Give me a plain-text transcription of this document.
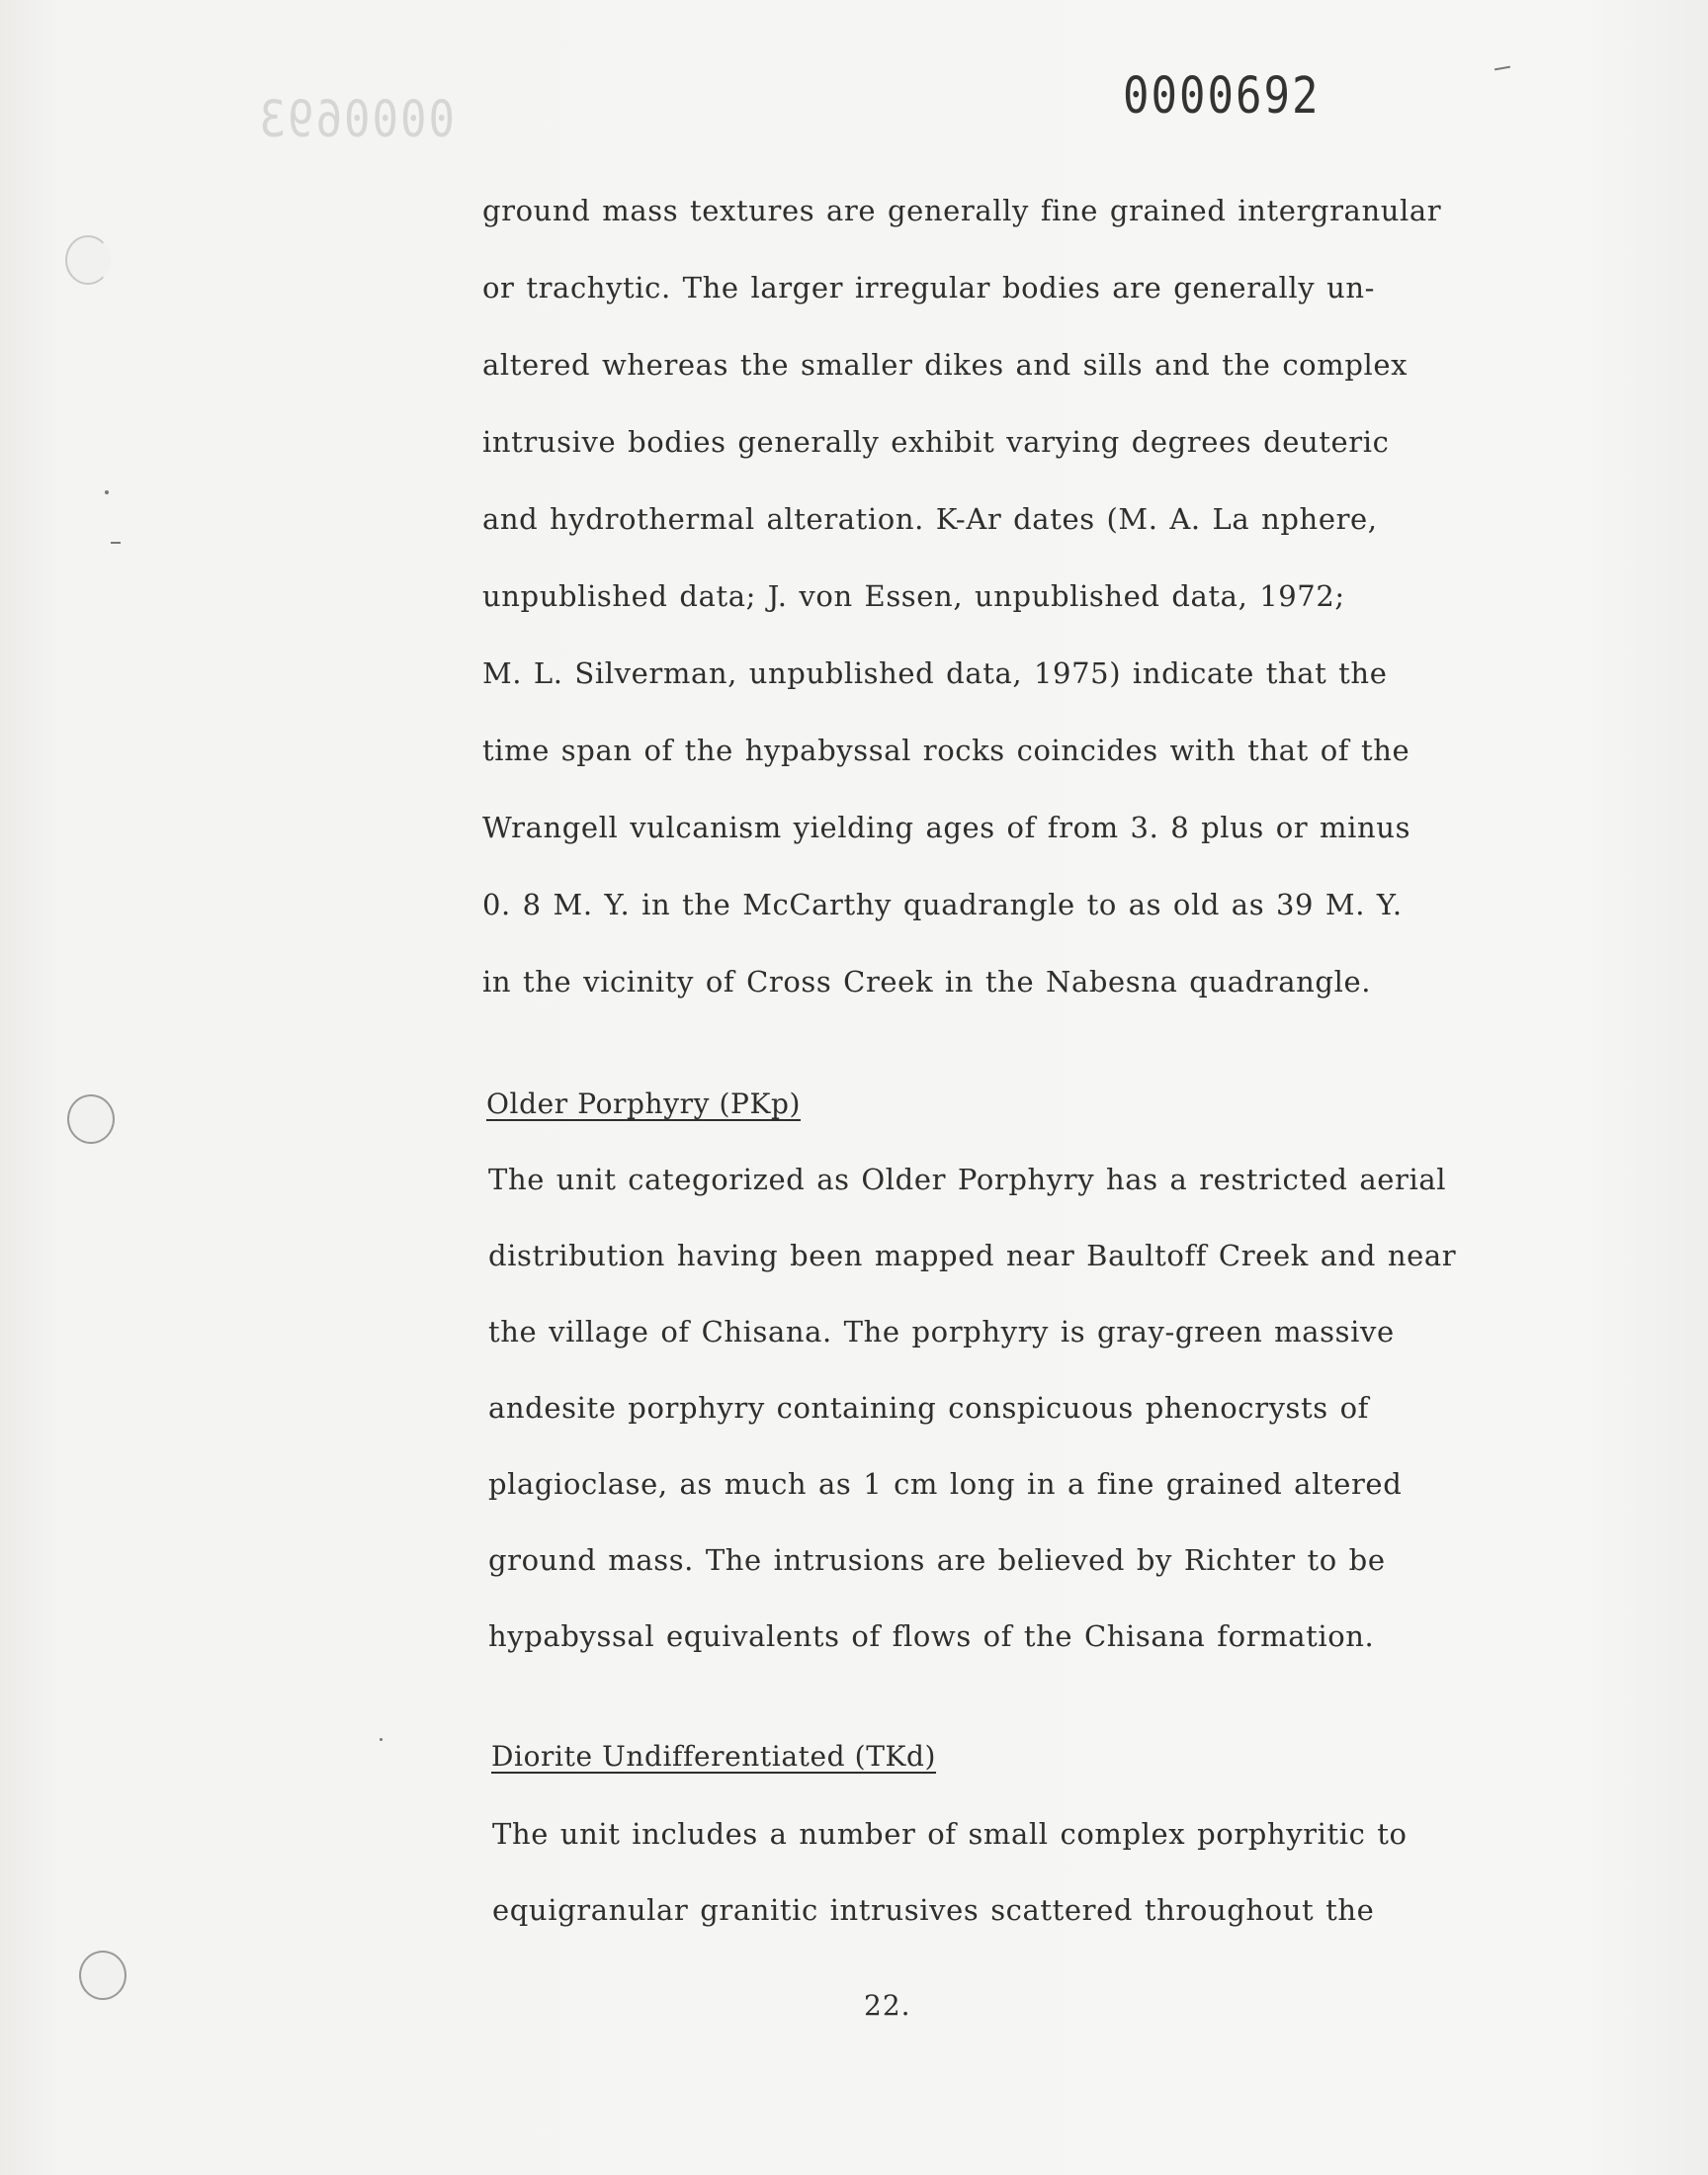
0000693	0000692
ground mass textures are generally fine grained intergranular
or trachytic. The larger irregular bodies are generally un-
altered whereas the smaller dikes and sills and the complex
intrusive bodies generally exhibit varying degrees deuteric
and hydrothermal alteration. K-Ar dates (M. A. La nphere,
unpublished data; J. von Essen, unpublished data, 1972;
M. L. Silverman, unpublished data, 1975) indicate that the
time span of the hypabyssal rocks coincides with that of the
Wrangell vulcanism yielding ages of from 3. 8 plus or minus
0. 8 M. Y. in the McCarthy quadrangle to as old as 39 M. Y.
in the vicinity of Cross Creek in the Nabesna quadrangle.
Older Porphyry (PKp)
The unit categorized as Older Porphyry has a restricted aerial
distribution having been mapped near Baultoff Creek and near
the village of Chisana. The porphyry is gray-green massive
andesite porphyry containing conspicuous phenocrysts of
plagioclase, as much as 1 cm long in a fine grained altered
ground mass. The intrusions are believed by Richter to be
hypabyssal equivalents of flows of the Chisana formation.
Diorite Undifferentiated (TKd)
The unit includes a number of small complex porphyritic to
equigranular granitic intrusives scattered throughout the
22.
